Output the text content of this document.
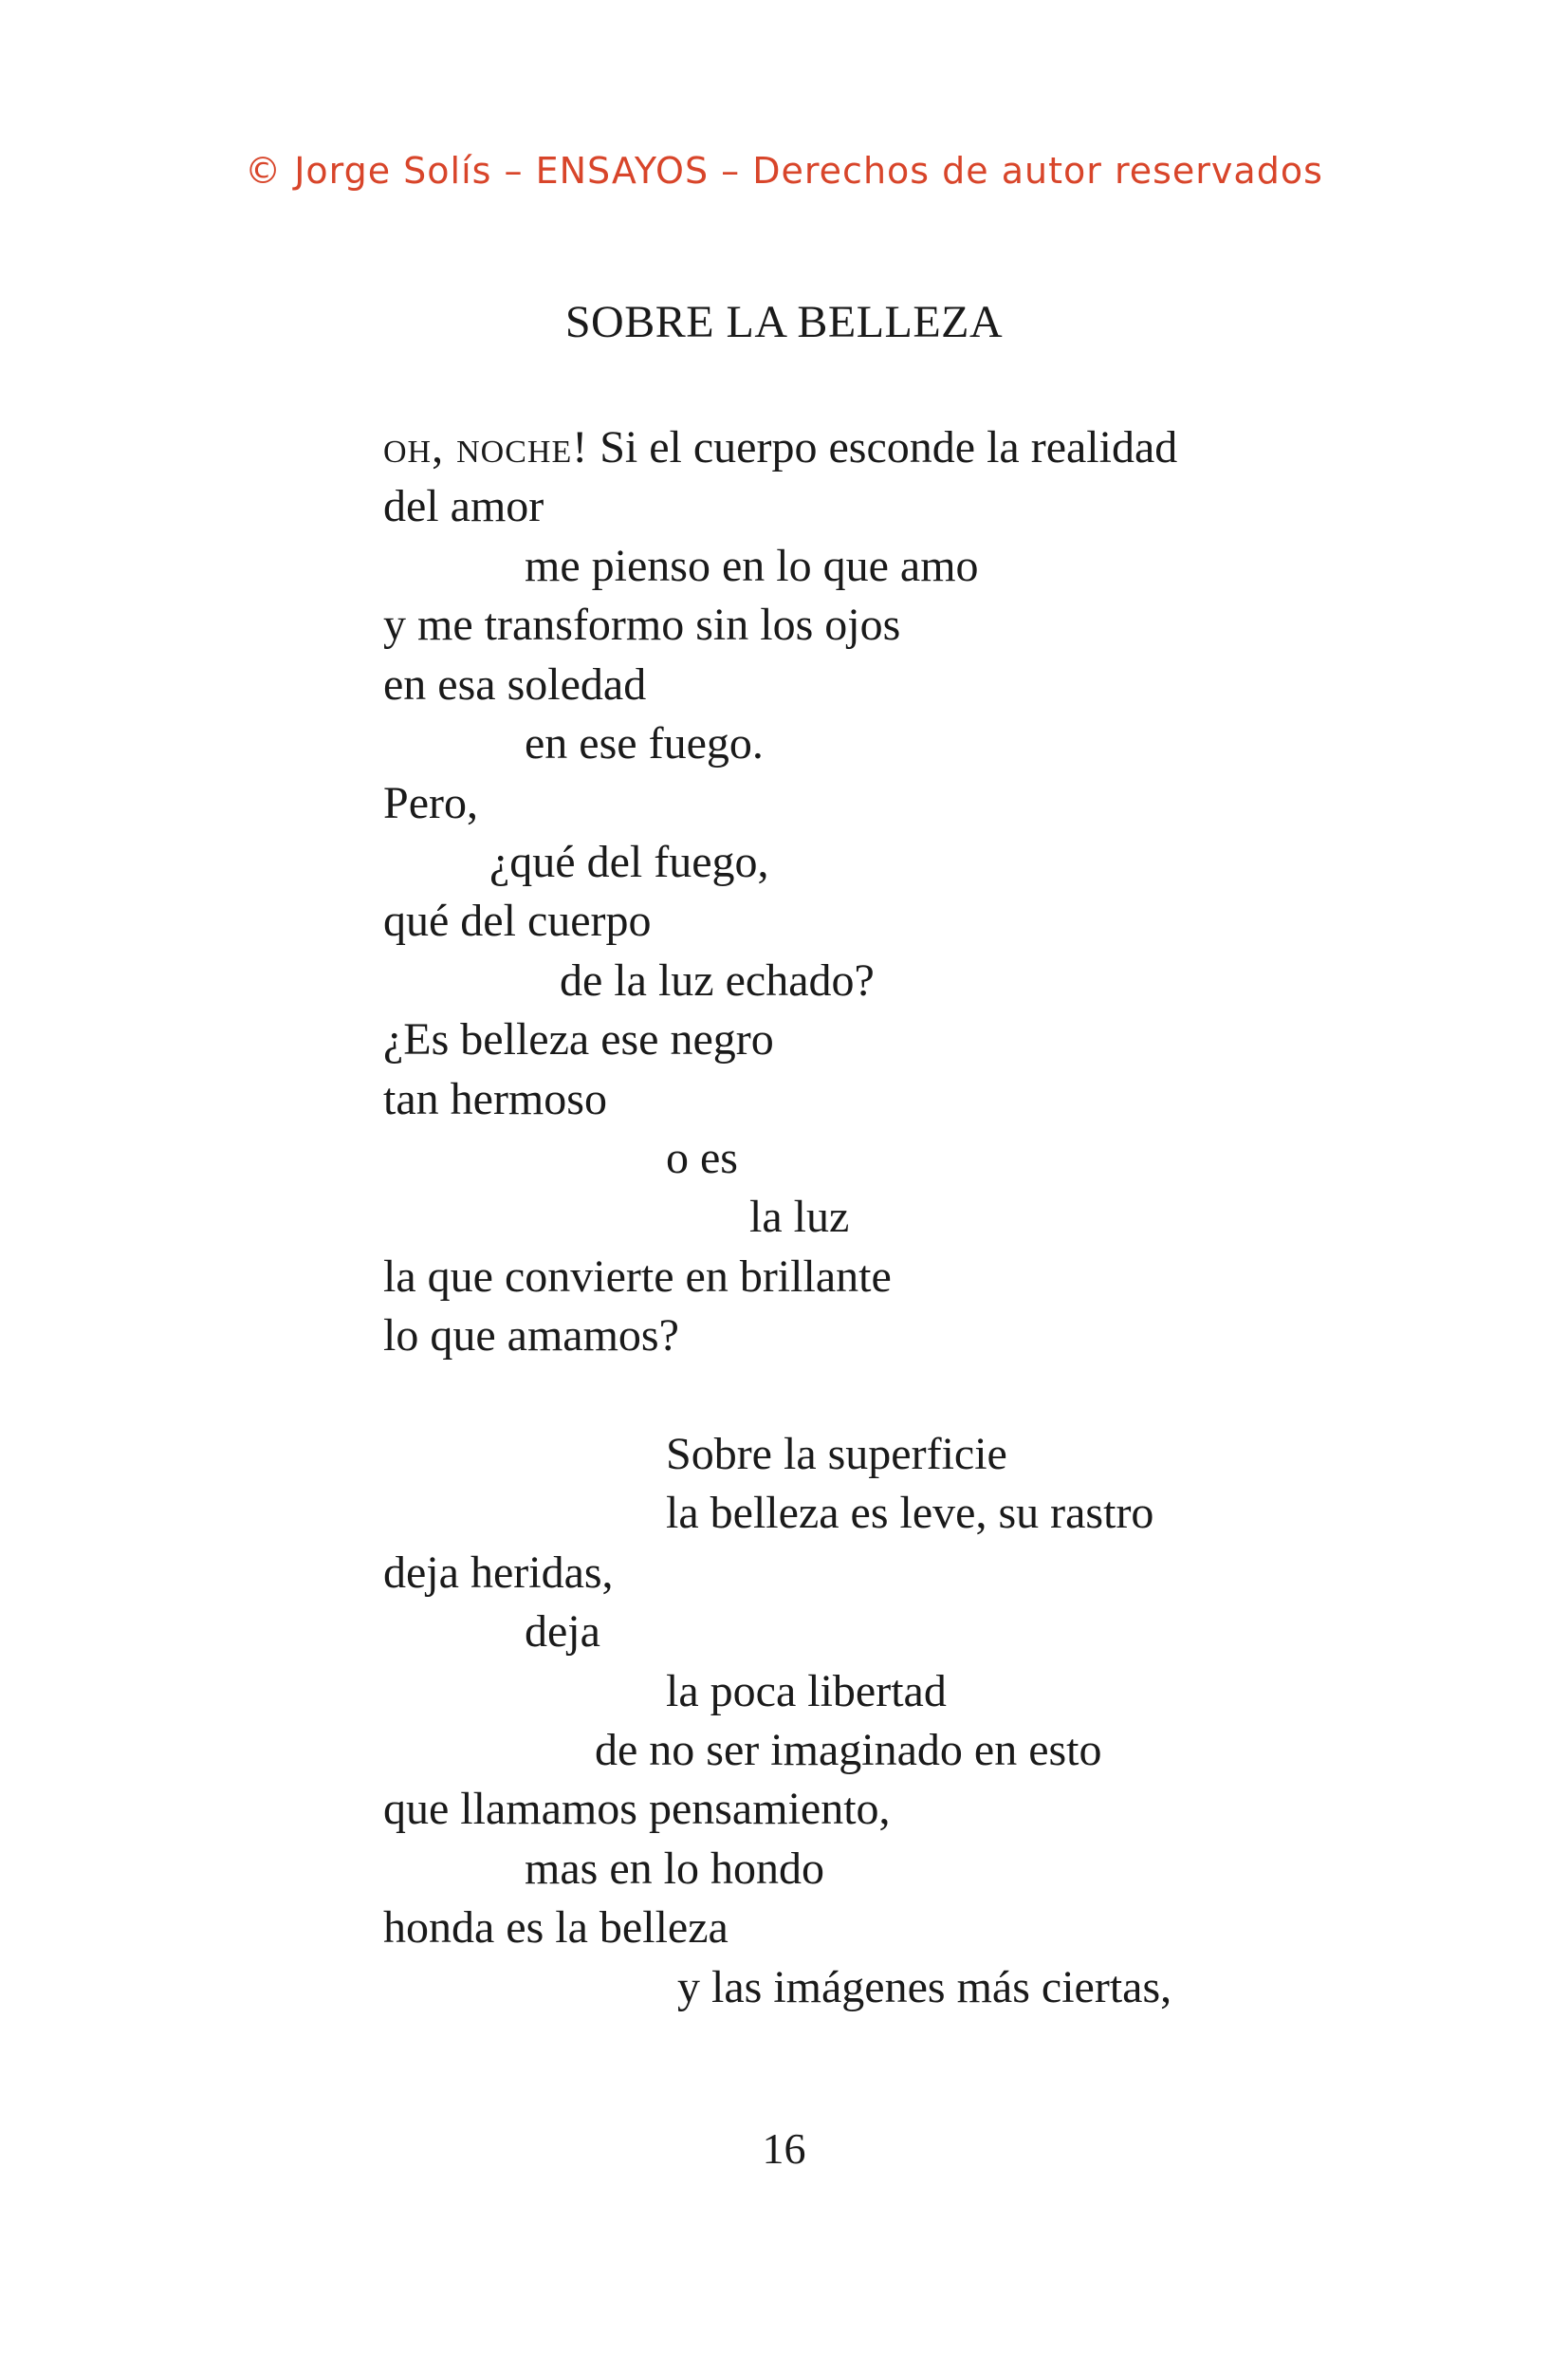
© Jorge Solís – ENSAYOS – Derechos de autor reservados
SOBRE LA BELLEZA
oh, noche! Si el cuerpo esconde la realidad
del amor
me pienso en lo que amo
y me transformo sin los ojos
en esa soledad
en ese fuego.
Pero,
¿qué del fuego,
qué del cuerpo
de la luz echado?
¿Es belleza ese negro
tan hermoso
o es
la luz
la que convierte en brillante
lo que amamos?
Sobre la superficie
la belleza es leve, su rastro
deja heridas,
deja
la poca libertad
de no ser imaginado en esto
que llamamos pensamiento,
mas en lo hondo
honda es la belleza
y las imágenes más ciertas,
16
